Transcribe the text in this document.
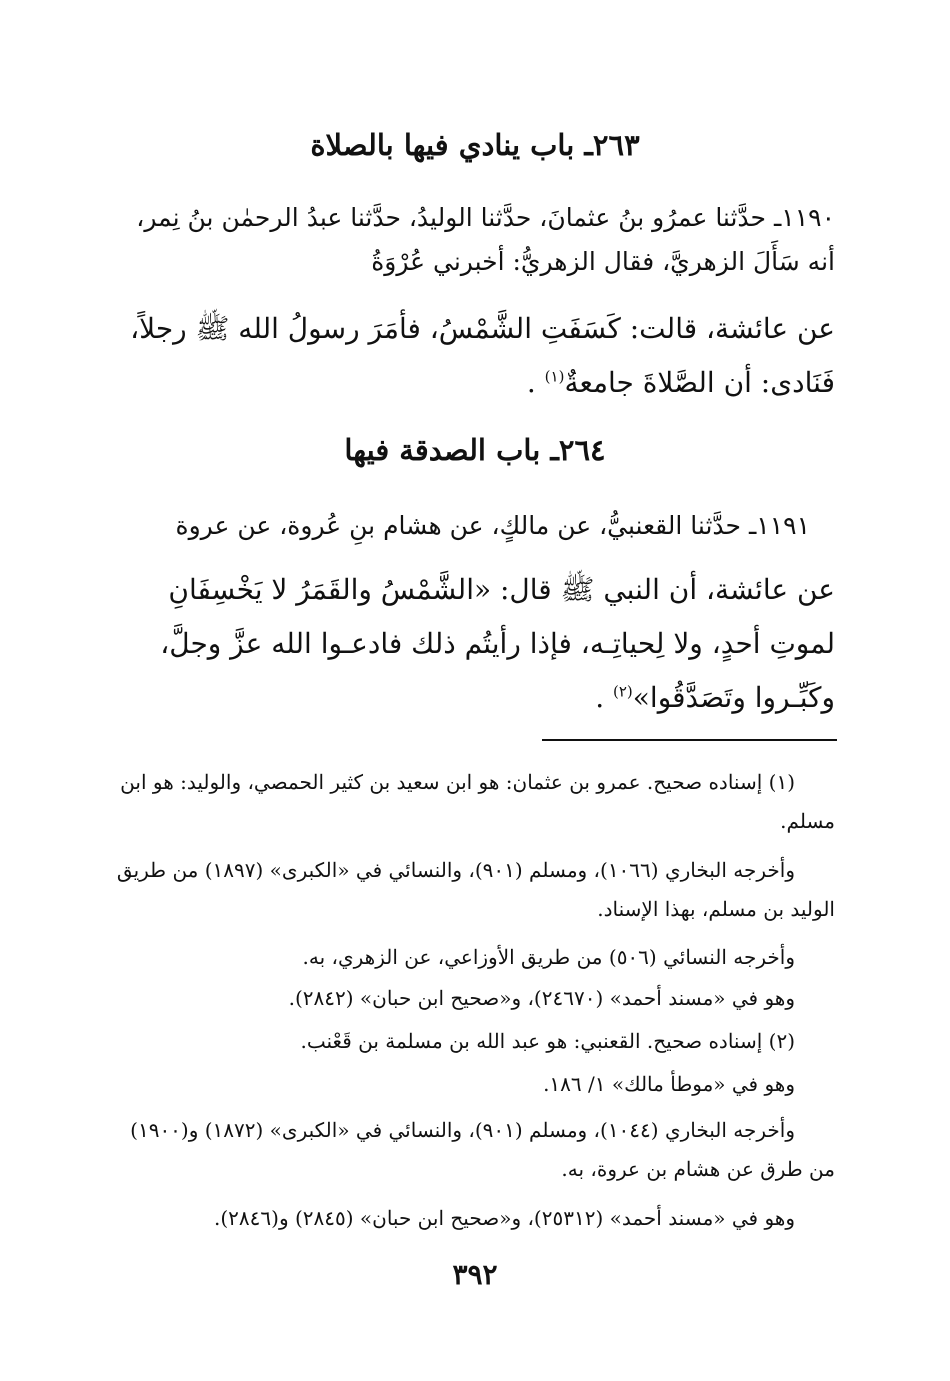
٢٦٣ـ باب ينادي فيها بالصلاة

١١٩٠ـ حدَّثنا عمرُو بنُ عثمانَ، حدَّثنا الوليدُ، حدَّثنا عبدُ الرحمٰن بنُ نِمر، أنه سَأَلَ الزهريَّ، فقال الزهريُّ: أخبرني عُرْوَةُ

عن عائشة، قالت: كَسَفَتِ الشَّمْسُ، فأمَرَ رسولُ الله ﷺ رجلاً، فَنَادى: أن الصَّلاةَ جامعةٌ$^{(١)}$ .

٢٦٤ـ باب الصدقة فيها

١١٩١ـ حدَّثنا القعنبيُّ، عن مالكٍ، عن هشام بنِ عُروة، عن عروة

عن عائشة، أن النبي ﷺ قال: «الشَّمْسُ والقَمَرُ لا يَخْسِفَانِ لموتِ أحدٍ، ولا لِحياتِـه، فإذا رأيتُم ذلك فادعـوا الله عزَّ وجلَّ، وكَبِّـروا وتَصَدَّقُوا»$^{(٢)}$ .

(١) إسناده صحيح. عمرو بن عثمان: هو ابن سعيد بن كثير الحمصي، والوليد: هو ابن مسلم.

وأخرجه البخاري (١٠٦٦)، ومسلم (٩٠١)، والنسائي في «الكبرى» (١٨٩٧) من طريق الوليد بن مسلم، بهذا الإسناد.

وأخرجه النسائي (٥٠٦) من طريق الأوزاعي، عن الزهري، به.

وهو في «مسند أحمد» (٢٤٦٧٠)، و«صحيح ابن حبان» (٢٨٤٢).

(٢) إسناده صحيح. القعنبي: هو عبد الله بن مسلمة بن قَعْنب.

وهو في «موطأ مالك» ١/ ١٨٦.

وأخرجه البخاري (١٠٤٤)، ومسلم (٩٠١)، والنسائي في «الكبرى» (١٨٧٢) و(١٩٠٠) من طرق عن هشام بن عروة، به.

وهو في «مسند أحمد» (٢٥٣١٢)، و«صحيح ابن حبان» (٢٨٤٥) و(٢٨٤٦).

٣٩٢
